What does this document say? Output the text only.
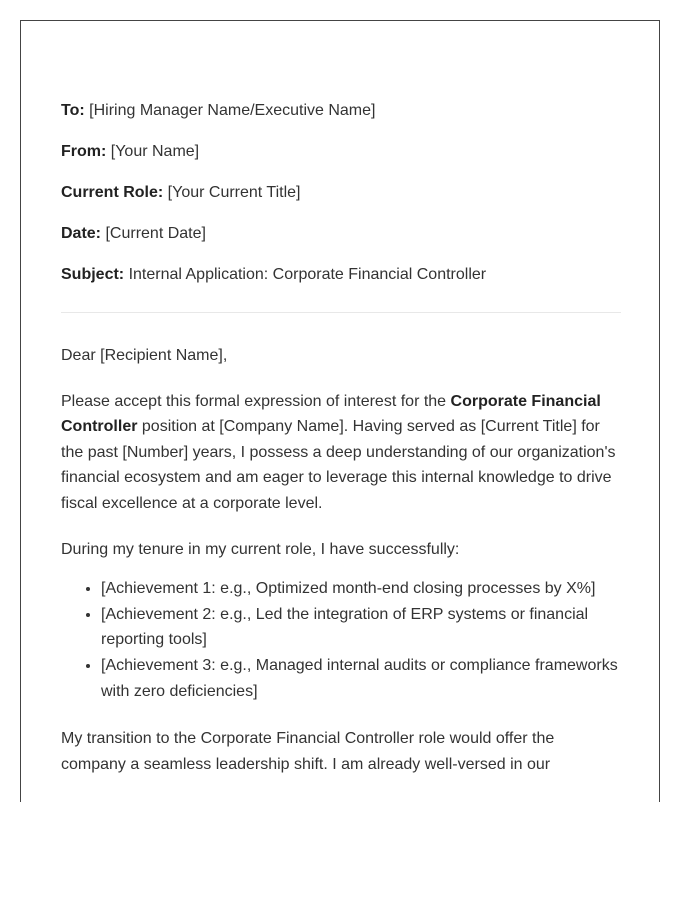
To: [Hiring Manager Name/Executive Name]

From: [Your Name]

Current Role: [Your Current Title]

Date: [Current Date]

Subject: Internal Application: Corporate Financial Controller

Dear [Recipient Name],

Please accept this formal expression of interest for the Corporate Financial Controller position at [Company Name]. Having served as [Current Title] for the past [Number] years, I possess a deep understanding of our organization's financial ecosystem and am eager to leverage this internal knowledge to drive fiscal excellence at a corporate level.

During my tenure in my current role, I have successfully:

• [Achievement 1: e.g., Optimized month-end closing processes by X%]
• [Achievement 2: e.g., Led the integration of ERP systems or financial reporting tools]
• [Achievement 3: e.g., Managed internal audits or compliance frameworks with zero deficiencies]

My transition to the Corporate Financial Controller role would offer the company a seamless leadership shift. I am already well-versed in our
